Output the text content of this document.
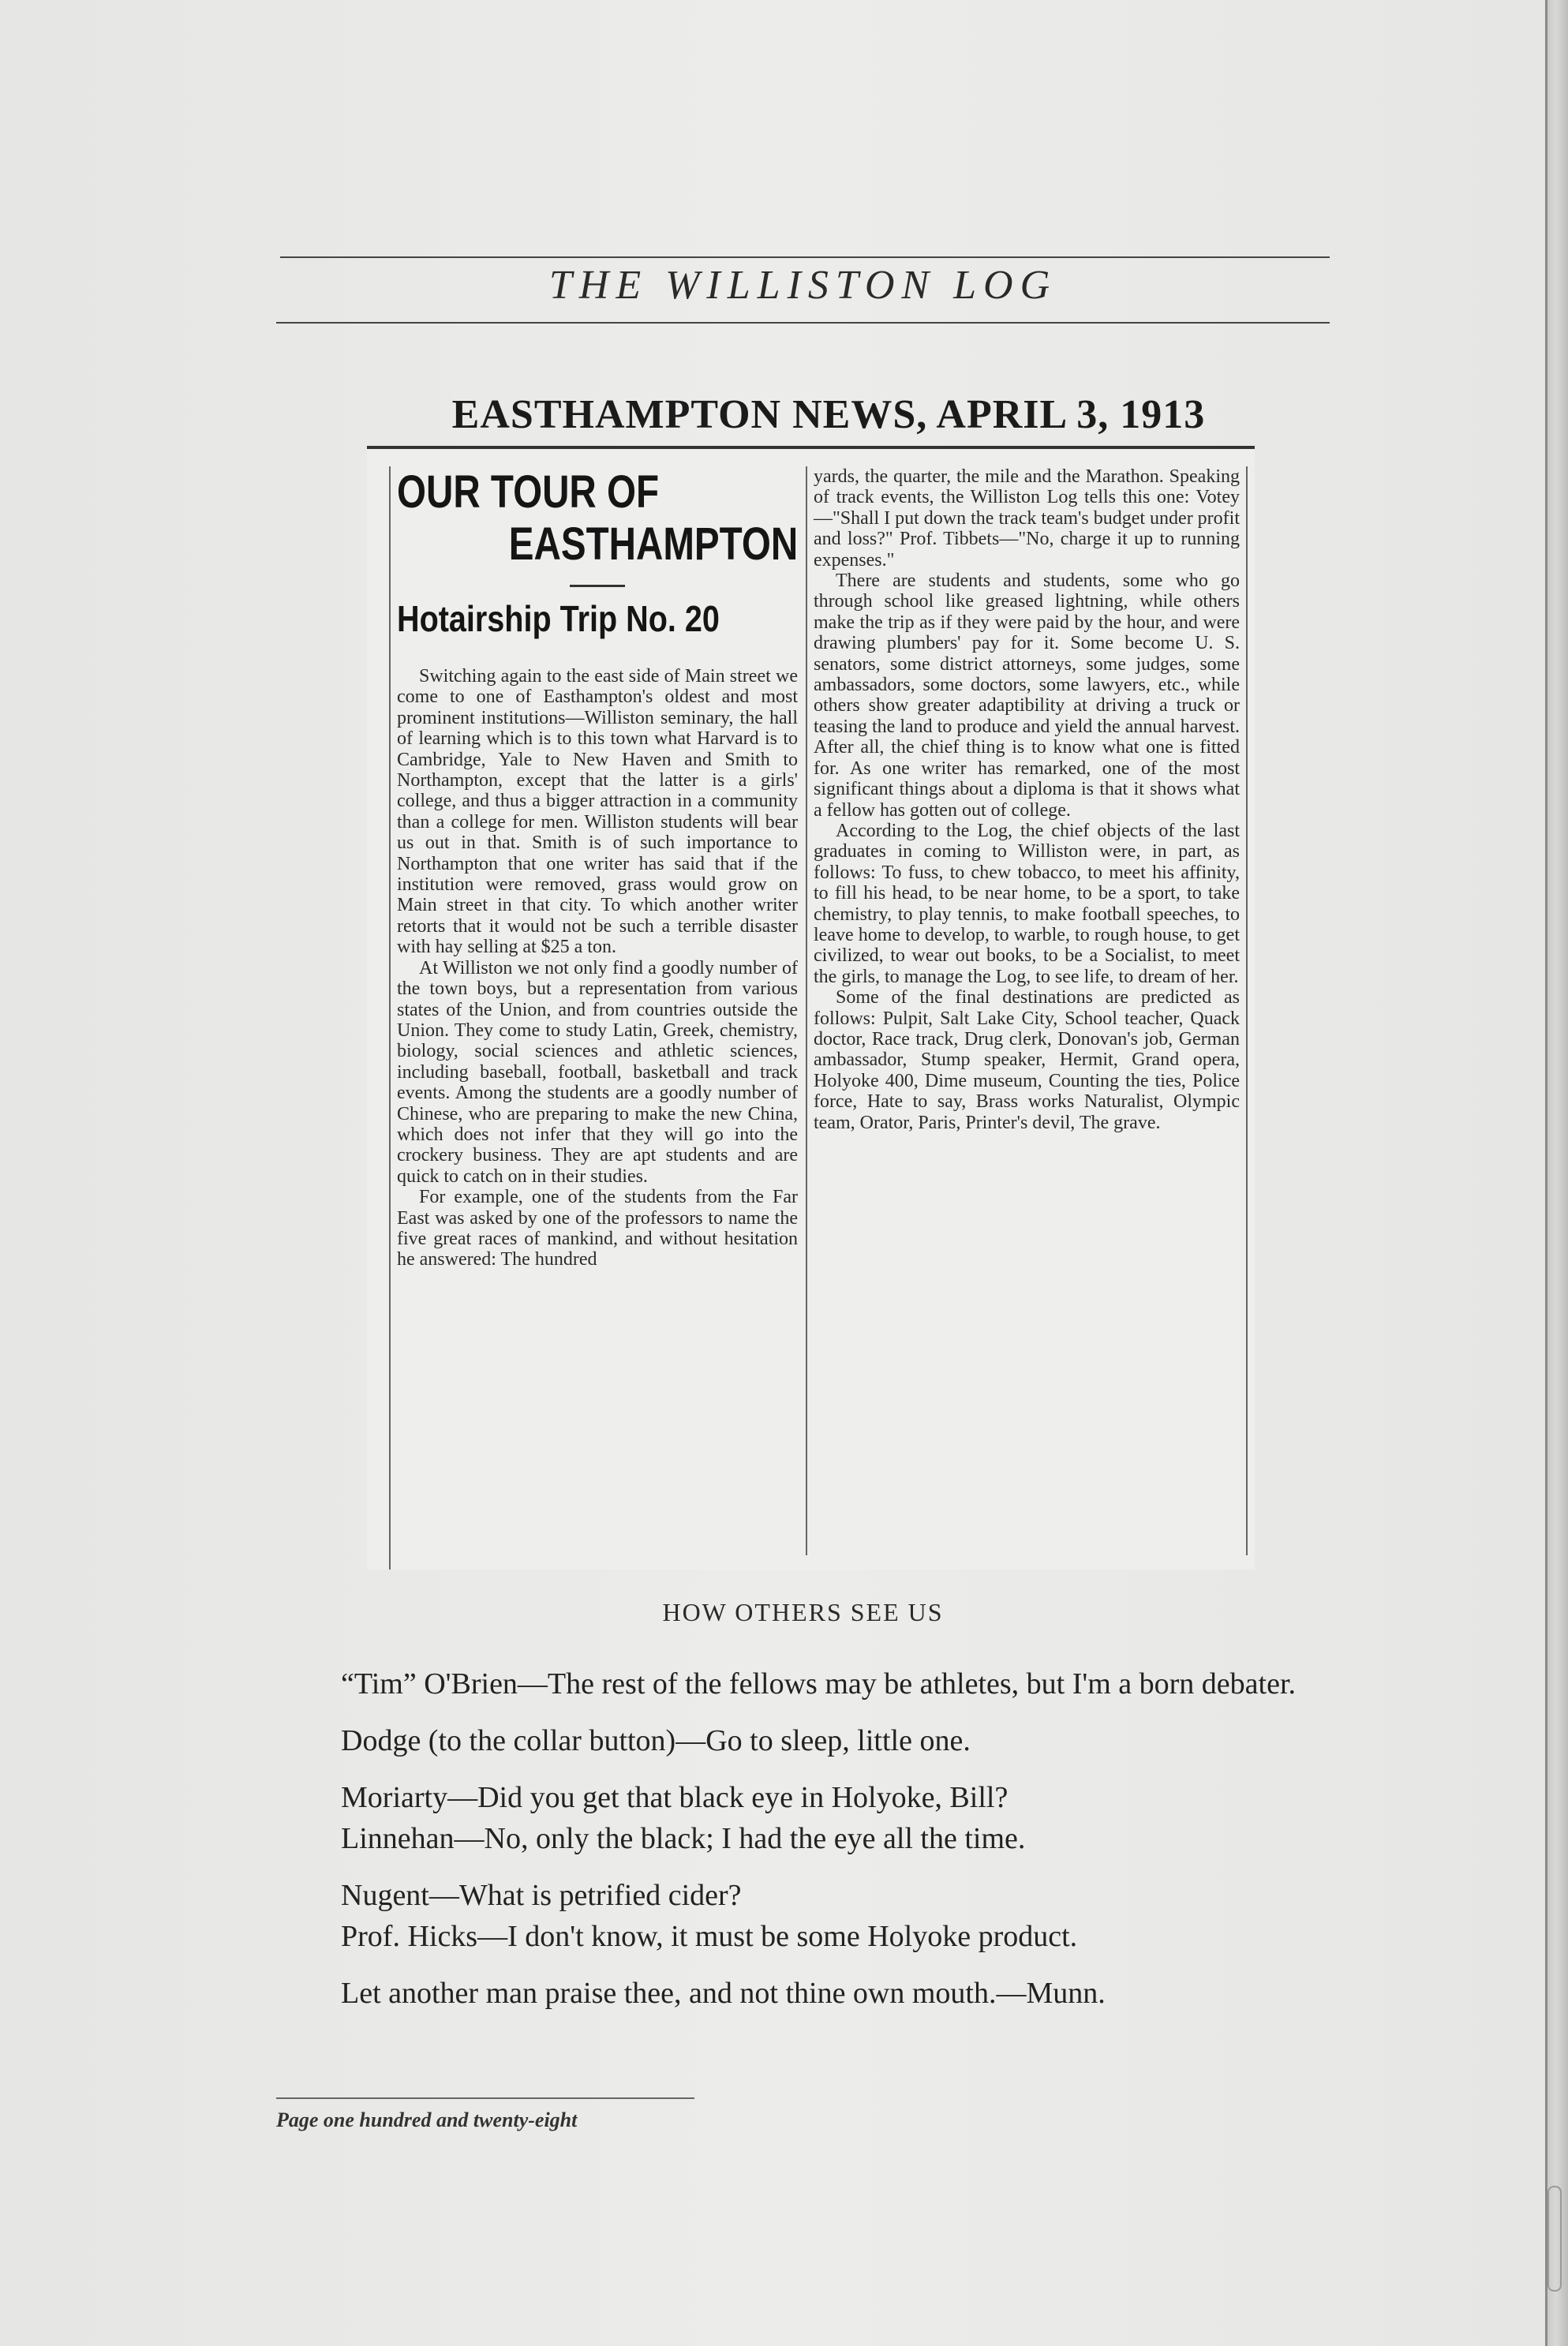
THE WILLISTON LOG
EASTHAMPTON NEWS, APRIL 3, 1913
OUR TOUR OF
EASTHAMPTON
Hotairship Trip No. 20

Switching again to the east side of Main street we come to one of Easthampton's oldest and most prominent institutions—Williston seminary, the hall of learning which is to this town what Harvard is to Cambridge, Yale to New Haven and Smith to Northampton, except that the latter is a girls' college, and thus a bigger attraction in a community than a college for men. Williston students will bear us out in that. Smith is of such importance to Northampton that one writer has said that if the institution were removed, grass would grow on Main street in that city. To which another writer retorts that it would not be such a terrible disaster with hay selling at $25 a ton.

At Williston we not only find a goodly number of the town boys, but a representation from various states of the Union, and from countries outside the Union. They come to study Latin, Greek, chemistry, biology, social sciences and athletic sciences, including baseball, football, basketball and track events. Among the students are a goodly number of Chinese, who are preparing to make the new China, which does not infer that they will go into the crockery business. They are apt students and are quick to catch on in their studies.

For example, one of the students from the Far East was asked by one of the professors to name the five great races of mankind, and without hesitation he answered: The hundred

yards, the quarter, the mile and the Marathon. Speaking of track events, the Williston Log tells this one: Votey—"Shall I put down the track team's budget under profit and loss?" Prof. Tibbets—"No, charge it up to running expenses."

There are students and students, some who go through school like greased lightning, while others make the trip as if they were paid by the hour, and were drawing plumbers' pay for it. Some become U. S. senators, some district attorneys, some judges, some ambassadors, some doctors, some lawyers, etc., while others show greater adaptibility at driving a truck or teasing the land to produce and yield the annual harvest. After all, the chief thing is to know what one is fitted for. As one writer has remarked, one of the most significant things about a diploma is that it shows what a fellow has gotten out of college.

According to the Log, the chief objects of the last graduates in coming to Williston were, in part, as follows: To fuss, to chew tobacco, to meet his affinity, to fill his head, to be near home, to be a sport, to take chemistry, to play tennis, to make football speeches, to leave home to develop, to warble, to rough house, to get civilized, to wear out books, to be a Socialist, to meet the girls, to manage the Log, to see life, to dream of her.

Some of the final destinations are predicted as follows: Pulpit, Salt Lake City, School teacher, Quack doctor, Race track, Drug clerk, Donovan's job, German ambassador, Stump speaker, Hermit, Grand opera, Holyoke 400, Dime museum, Counting the ties, Police force, Hate to say, Brass works Naturalist, Olympic team, Orator, Paris, Printer's devil, The grave.

HOW OTHERS SEE US

“Tim” O'Brien—The rest of the fellows may be athletes, but I'm a born debater.

Dodge (to the collar button)—Go to sleep, little one.

Moriarty—Did you get that black eye in Holyoke, Bill?

Linnehan—No, only the black; I had the eye all the time.

Nugent—What is petrified cider?

Prof. Hicks—I don't know, it must be some Holyoke product.

Let another man praise thee, and not thine own mouth.—Munn.

Page one hundred and twenty-eight
